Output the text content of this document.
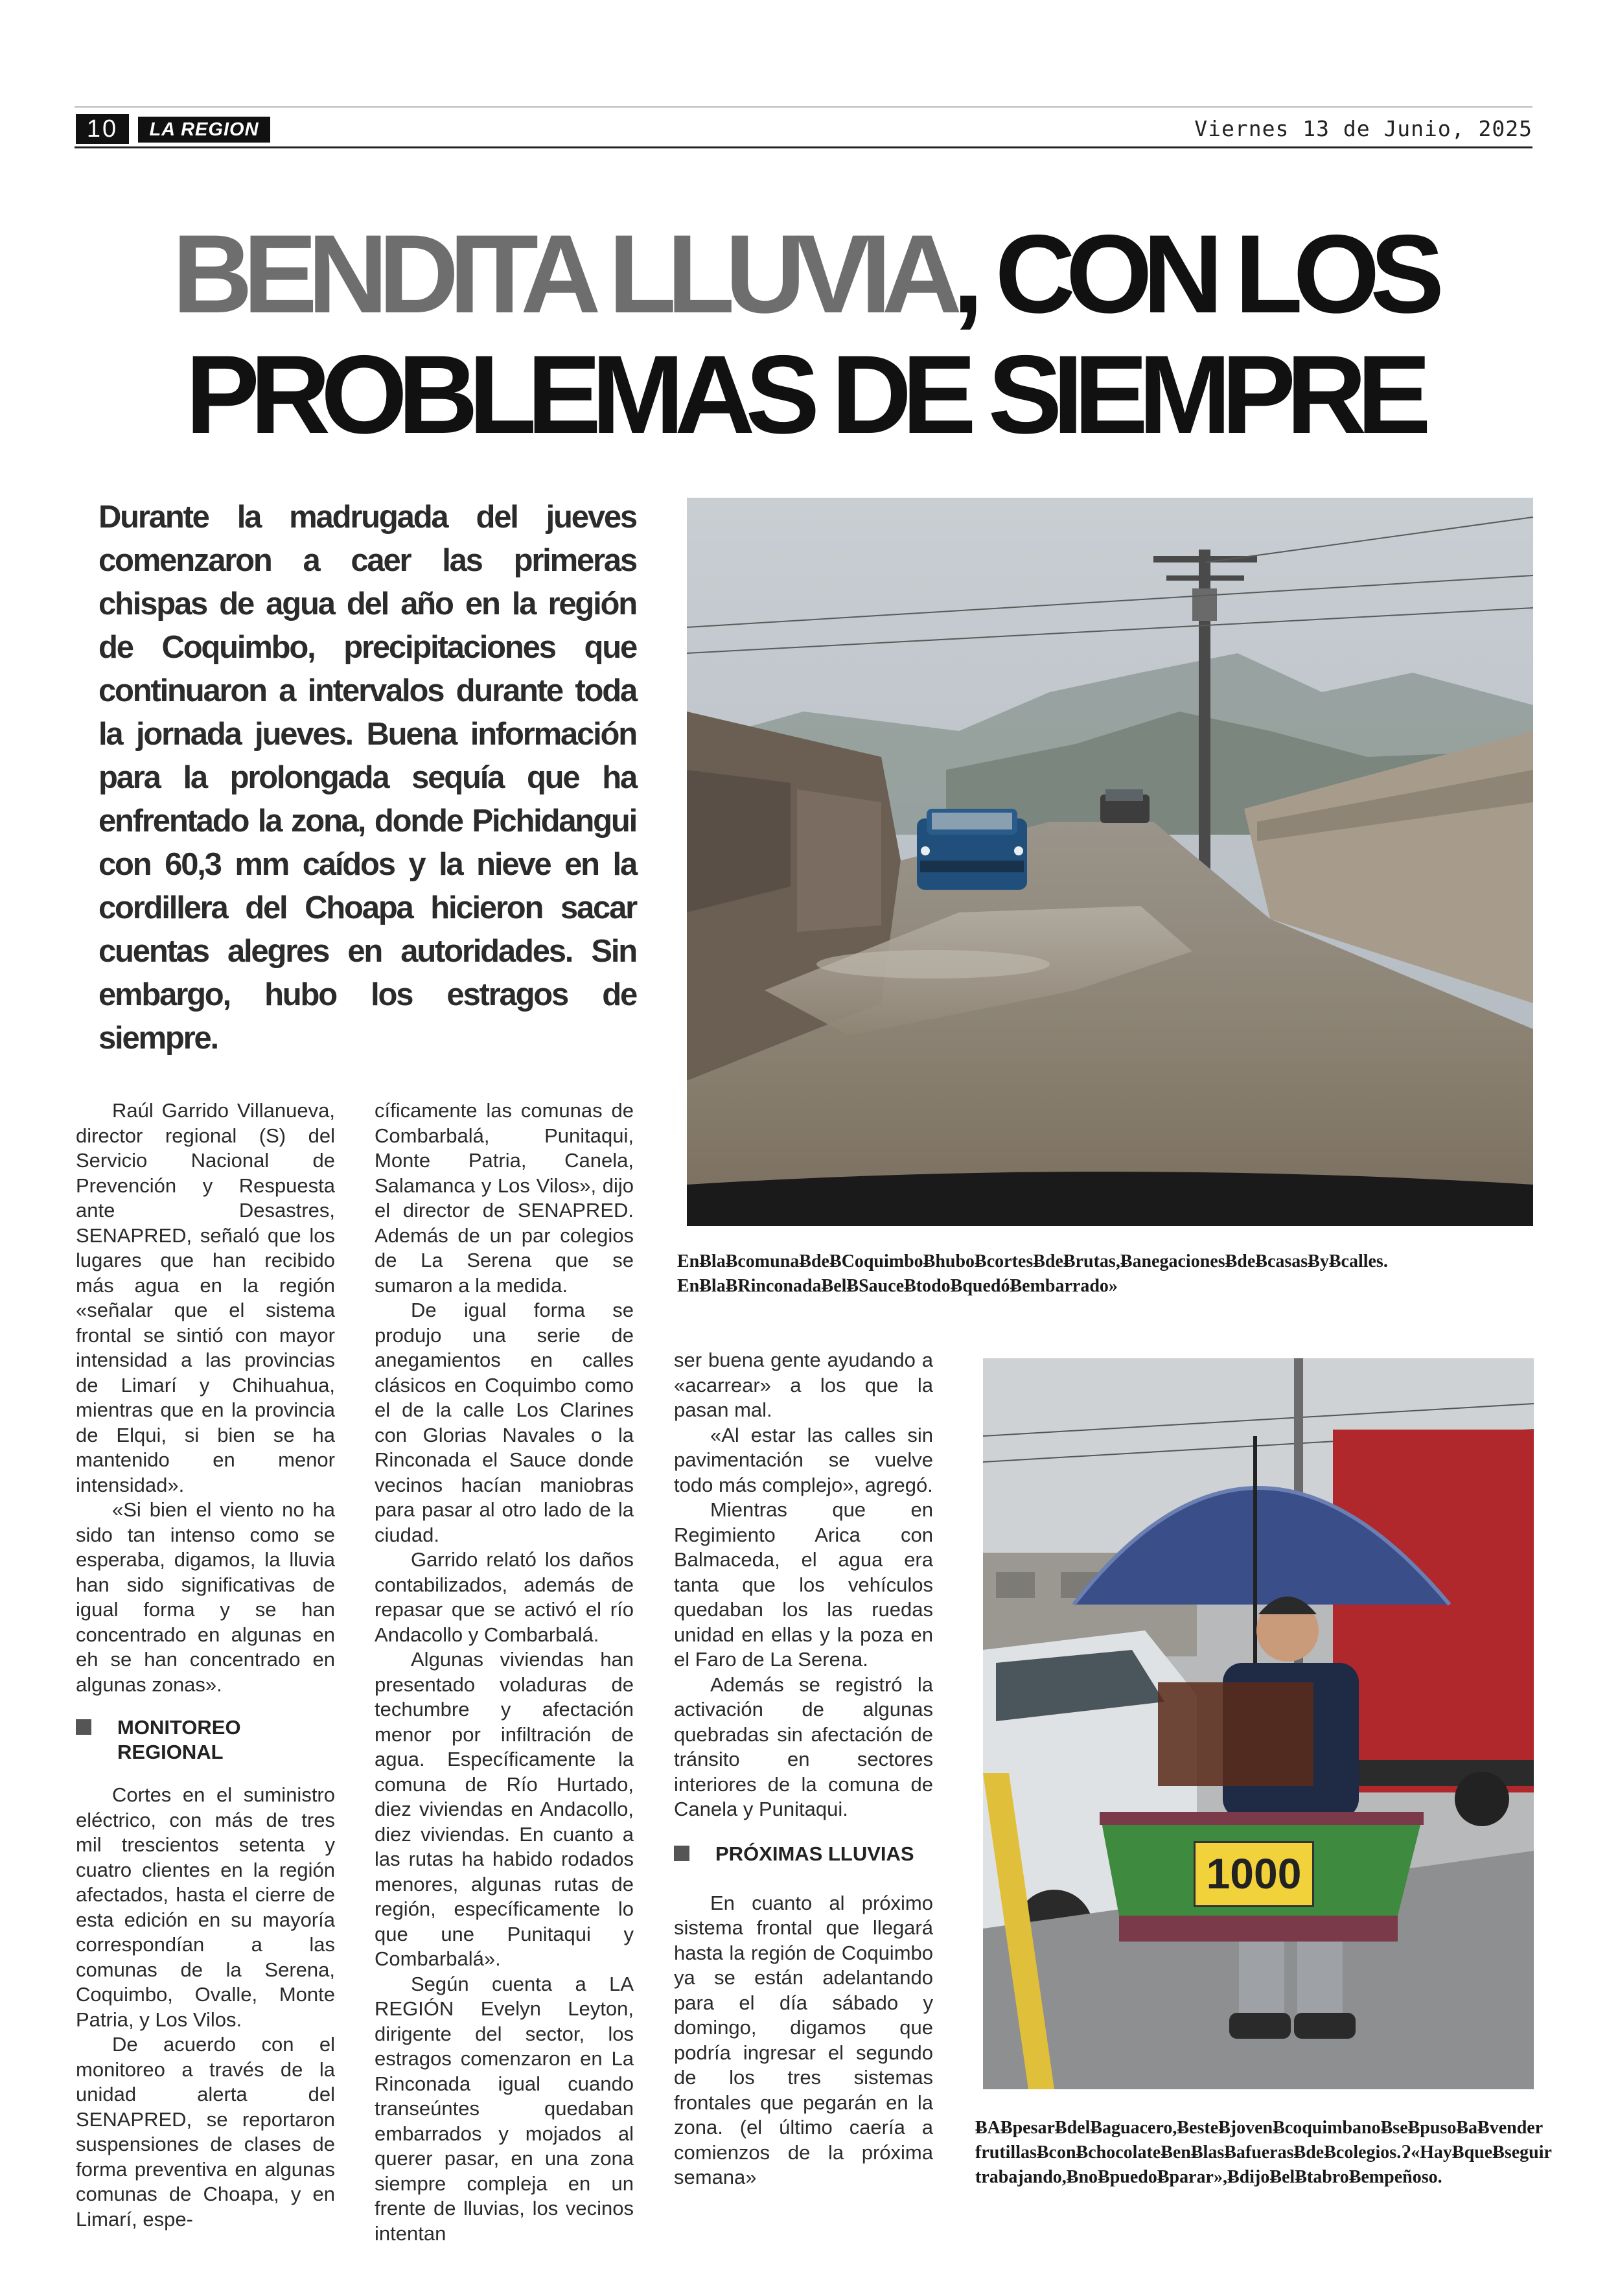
10	LA REGION	Viernes 13 de Junio, 2025
BENDITA LLUVIA, CON LOS
PROBLEMAS DE SIEMPRE
Durante la madrugada del jueves comenzaron a caer las primeras chispas de agua del año en la región de Coquimbo, precipitaciones que continuaron a intervalos durante toda la jornada jueves. Buena información para la prolongada sequía que ha enfrentado la zona, donde Pichidangui con 60,3 mm caídos y la nieve en la cordillera del Choapa hicieron sacar cuentas alegres en autoridades. Sin embargo, hubo los estragos de siempre.
EnɃlaɃcomunaɃdeɃCoquimboɃhuboɃcortesɃdeɃrutas,ɃanegacionesɃdeɃcasasɃyɃcalles. EnɃlaɃRinconadaɃelɃSauceɃtodoɃquedóɃembarrado»
1000
ɃAɃpesarɃdelɃaguacero,ɃesteɃjovenɃcoquimbanoɃseɃpusoɃaɃvender frutillasɃconɃchocolateɃenɃlasɃafuerasɃdeɃcolegios.Ɂ«HayɃqueɃseguir trabajando,ɃnoɃpuedoɃparar»,ɃdijoɃelɃtabroɃempeñoso.

Raúl Garrido Villanueva, director regional (S) del Servicio Nacional de Prevención y Respuesta ante Desastres, SENAPRED, señaló que los lugares que han recibido más agua en la región «señalar que el sistema frontal se sintió con mayor intensidad a las provincias de Limarí y Chihuahua, mientras que en la provincia de Elqui, si bien se ha mantenido en menor intensidad».

«Si bien el viento no ha sido tan intenso como se esperaba, digamos, la lluvia han sido significativas de igual forma y se han concentrado en algunas en eh se han concentrado en algunas zonas».

MONITOREO REGIONAL

Cortes en el suministro eléctrico, con más de tres mil trescientos setenta y cuatro clientes en la región afectados, hasta el cierre de esta edición en su mayoría correspondían a las comunas de la Serena, Coquimbo, Ovalle, Monte Patria, y Los Vilos.

De acuerdo con el monitoreo a través de la unidad alerta del SENAPRED, se reportaron suspensiones de clases de forma preventiva en algunas comunas de Choapa, y en Limarí, espe-

cíficamente las comunas de Combarbalá, Punitaqui, Monte Patria, Canela, Salamanca y Los Vilos», dijo el director de SENAPRED. Además de un par colegios de La Serena que se sumaron a la medida.

De igual forma se produjo una serie de anegamientos en calles clásicos en Coquimbo como el de la calle Los Clarines con Glorias Navales o la Rinconada el Sauce donde vecinos hacían maniobras para pasar al otro lado de la ciudad.

Garrido relató los daños contabilizados, además de repasar que se activó el río Andacollo y Combarbalá.

Algunas viviendas han presentado voladuras de techumbre y afectación menor por infiltración de agua. Específicamente la comuna de Río Hurtado, diez viviendas en Andacollo, diez viviendas. En cuanto a las rutas ha habido rodados menores, algunas rutas de región, específicamente lo que une Punitaqui y Combarbalá».

Según cuenta a LA REGIÓN Evelyn Leyton, dirigente del sector, los estragos comenzaron en La Rinconada igual cuando transeúntes quedaban embarrados y mojados al querer pasar, en una zona siempre compleja en un frente de lluvias, los vecinos intentan

ser buena gente ayudando a «acarrear» a los que la pasan mal.

«Al estar las calles sin pavimentación se vuelve todo más complejo», agregó.

Mientras que en Regimiento Arica con Balmaceda, el agua era tanta que los vehículos quedaban los las ruedas unidad en ellas y la poza en el Faro de La Serena.

Además se registró la activación de algunas quebradas sin afectación de tránsito en sectores interiores de la comuna de Canela y Punitaqui.

PRÓXIMAS LLUVIAS

En cuanto al próximo sistema frontal que llegará hasta la región de Coquimbo ya se están adelantando para el día sábado y domingo, digamos que podría ingresar el segundo de los tres sistemas frontales que pegarán en la zona. (el último caería a comienzos de la próxima semana»
